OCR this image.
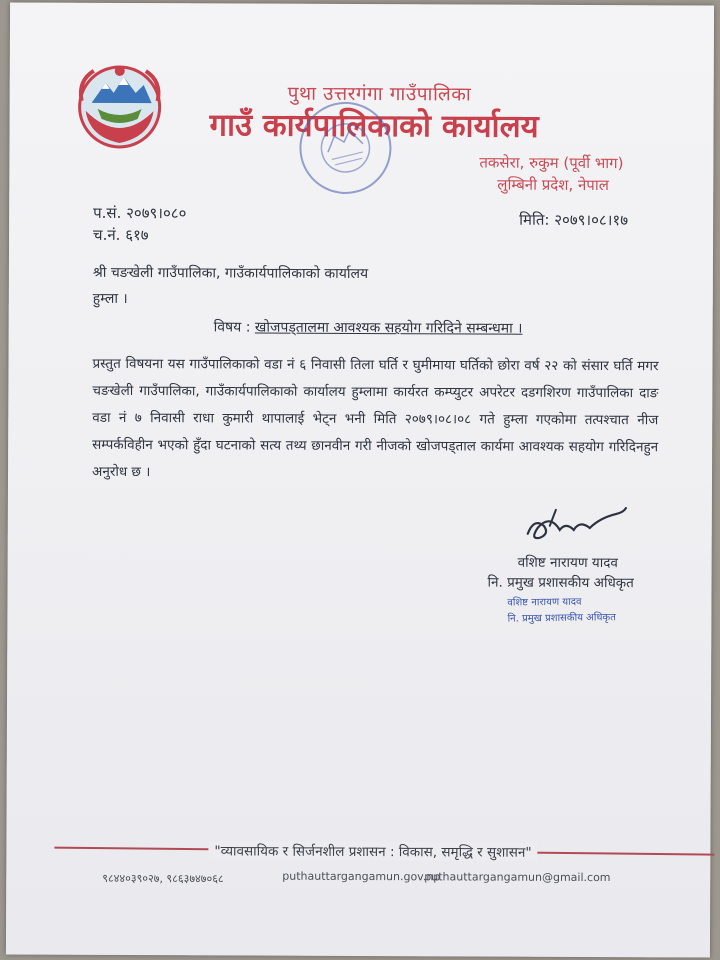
पुथा उत्तरगंगा गाउँपालिका
गाउँ कार्यपालिकाको कार्यालय
तकसेरा, रुकुम (पूर्वी भाग)
लुम्बिनी प्रदेश, नेपाल
प.सं. २०७९।०८०
च.नं. ६१७
मिति: २०७९।०८।१७
श्री चङखेली गाउँपालिका, गाउँकार्यपालिकाको कार्यालय
हुम्ला ।
विषय : खोजपड्तालमा आवश्यक सहयोग गरिदिने सम्बन्धमा ।
प्रस्तुत विषयना यस गाउँपालिकाको वडा नं ६ निवासी तिला घर्ति र घुमीमाया घर्तिको छोरा वर्ष २२ को संसार घर्ति मगर चङखेली गाउँपालिका, गाउँकार्यपालिकाको कार्यालय हुम्लामा कार्यरत कम्प्युटर अपरेटर दडगशिरण गाउँपालिका दाङ वडा नं ७ निवासी राधा कुमारी थापालाई भेट्न भनी मिति २०७९।०८।०८ गते हुम्ला गएकोमा तत्पश्चात नीज सम्पर्कविहीन भएको हुँदा घटनाको सत्य तथ्य छानवीन गरी नीजको खोजपड्ताल कार्यमा आवश्यक सहयोग गरिदिनहुन अनुरोध छ ।
वशिष्ट नारायण यादव
नि. प्रमुख प्रशासकीय अधिकृत
वशिष्ट नारायण यादव
नि. प्रमुख प्रशासकीय अधिकृत
"व्यावसायिक र सिर्जनशील प्रशासन : विकास, समृद्धि र सुशासन"
९८४४०३९०२७, ९८६३७४७०६८	puthauttargangamun.gov.np
puthauttargangamun@gmail.com
